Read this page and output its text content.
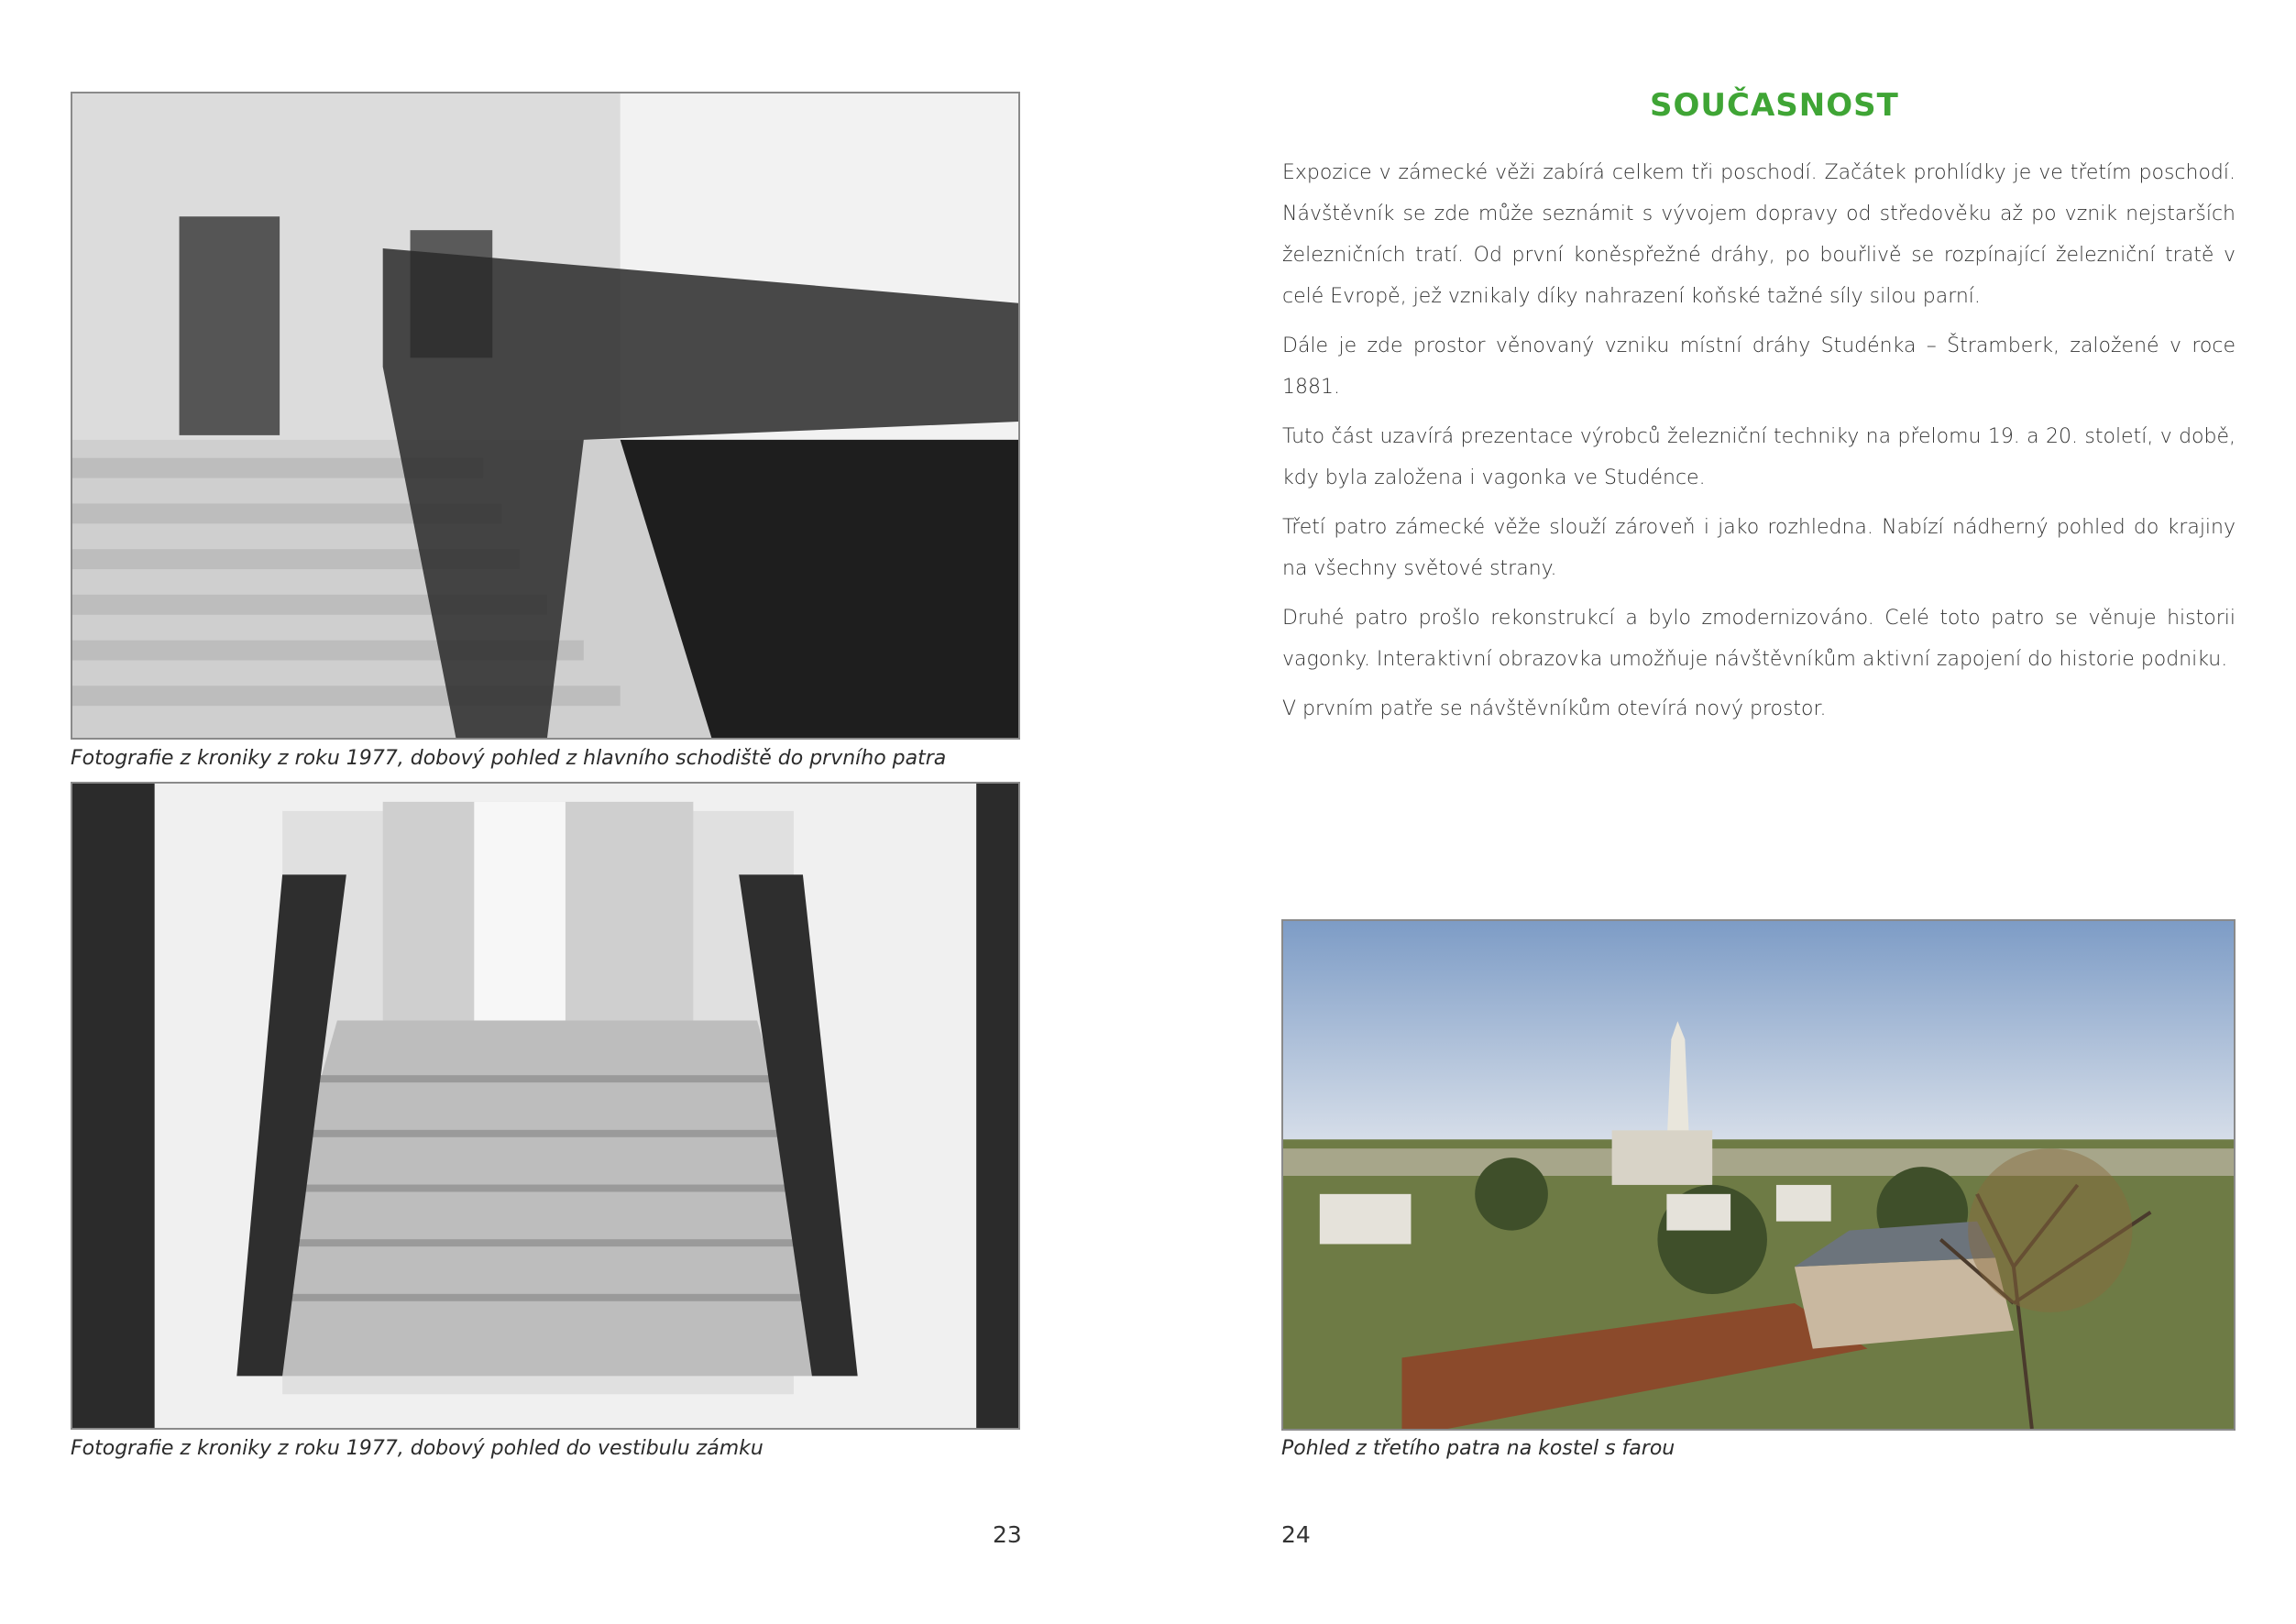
Fotografie z kroniky z roku 1977, dobový pohled z hlavního schodiště do prvního patra
Fotografie z kroniky z roku 1977, dobový pohled do vestibulu zámku
23
SOUČASNOST

Expozice v zámecké věži zabírá celkem tři poschodí. Začátek prohlídky je ve třetím poschodí. Návštěvník se zde může seznámit s vývojem dopravy od středověku až po vznik nejstarších železničních tratí. Od první koněspřežné dráhy, po bouřlivě se rozpínající železniční tratě v celé Evropě, jež vznikaly díky nahrazení koňské tažné síly silou parní.

Dále je zde prostor věnovaný vzniku místní dráhy Studénka – Štramberk, založené v roce 1881.

Tuto část uzavírá prezentace výrobců železniční techniky na přelomu 19. a 20. století, v době, kdy byla založena i vagonka ve Studénce.

Třetí patro zámecké věže slouží zároveň i jako rozhledna. Nabízí nádherný pohled do krajiny na všechny světové strany.

Druhé patro prošlo rekonstrukcí a bylo zmodernizováno. Celé toto patro se věnuje historii vagonky. Interaktivní obrazovka umožňuje návštěvníkům aktivní zapojení do historie podniku.

V prvním patře se návštěvníkům otevírá nový prostor.

Pohled z třetího patra na kostel s farou
24
